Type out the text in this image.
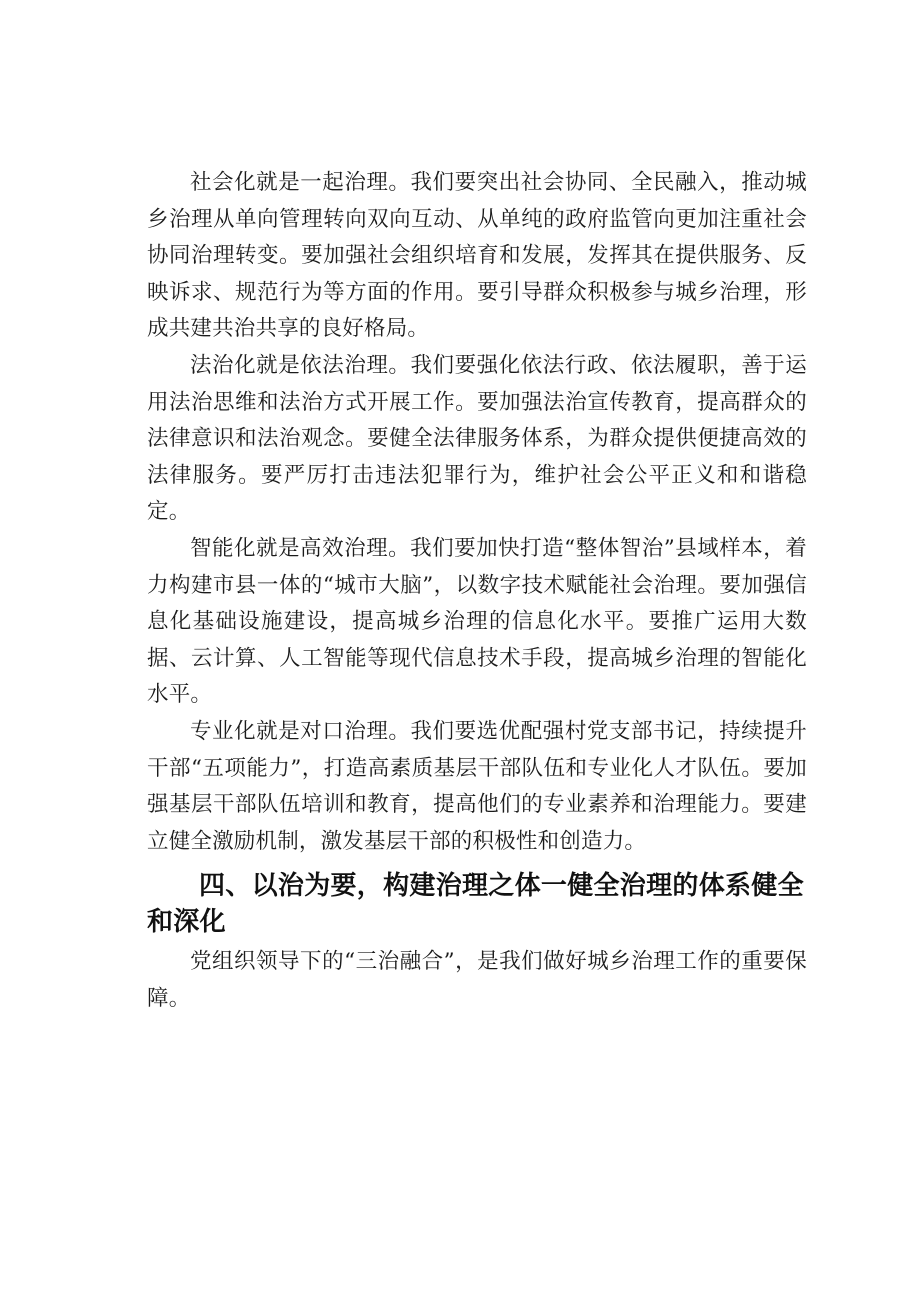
社会化就是一起治理。我们要突出社会协同、全民融入，推动城乡治理从单向管理转向双向互动、从单纯的政府监管向更加注重社会协同治理转变。要加强社会组织培育和发展，发挥其在提供服务、反映诉求、规范行为等方面的作用。要引导群众积极参与城乡治理，形成共建共治共享的良好格局。

法治化就是依法治理。我们要强化依法行政、依法履职，善于运用法治思维和法治方式开展工作。要加强法治宣传教育，提高群众的法律意识和法治观念。要健全法律服务体系，为群众提供便捷高效的法律服务。要严厉打击违法犯罪行为，维护社会公平正义和和谐稳定。

智能化就是高效治理。我们要加快打造“整体智治”县域样本，着力构建市县一体的“城市大脑”，以数字技术赋能社会治理。要加强信息化基础设施建设，提高城乡治理的信息化水平。要推广运用大数据、云计算、人工智能等现代信息技术手段，提高城乡治理的智能化水平。

专业化就是对口治理。我们要选优配强村党支部书记，持续提升干部“五项能力”，打造高素质基层干部队伍和专业化人才队伍。要加强基层干部队伍培训和教育，提高他们的专业素养和治理能力。要建立健全激励机制，激发基层干部的积极性和创造力。

四、以治为要，构建治理之体一健全治理的体系健全和深化

党组织领导下的“三治融合”，是我们做好城乡治理工作的重要保障。
